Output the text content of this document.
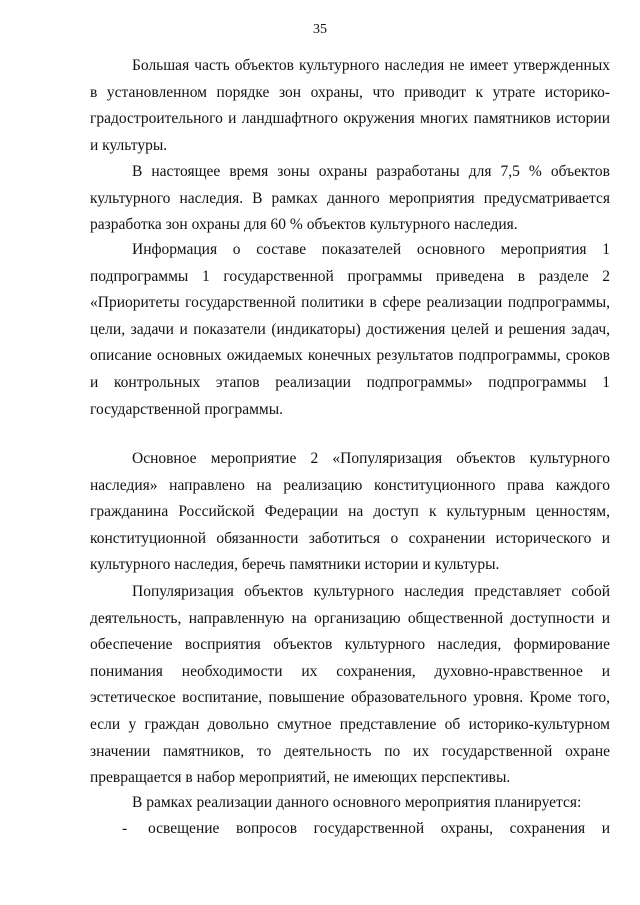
35

Большая часть объектов культурного наследия не имеет утвержденных в установленном порядке зон охраны, что приводит к утрате историко-градостроительного и ландшафтного окружения многих памятников истории и культуры.

В настоящее время зоны охраны разработаны для 7,5 % объектов культурного наследия. В рамках данного мероприятия предусматривается разработка зон охраны для 60 % объектов культурного наследия.

Информация о составе показателей основного мероприятия 1 подпрограммы 1 государственной программы приведена в разделе 2 «Приоритеты государственной политики в сфере реализации подпрограммы, цели, задачи и показатели (индикаторы) достижения целей и решения задач, описание основных ожидаемых конечных результатов подпрограммы, сроков и контрольных этапов реализации подпрограммы» подпрограммы 1 государственной программы.

Основное мероприятие 2 «Популяризация объектов культурного наследия» направлено на реализацию конституционного права каждого гражданина Российской Федерации на доступ к культурным ценностям, конституционной обязанности заботиться о сохранении исторического и культурного наследия, беречь памятники истории и культуры.

Популяризация объектов культурного наследия представляет собой деятельность, направленную на организацию общественной доступности и обеспечение восприятия объектов культурного наследия, формирование понимания необходимости их сохранения, духовно-нравственное и эстетическое воспитание, повышение образовательного уровня. Кроме того, если у граждан довольно смутное представление об историко-культурном значении памятников, то деятельность по их государственной охране превращается в набор мероприятий, не имеющих перспективы.

В рамках реализации данного основного мероприятия планируется:

- освещение вопросов государственной охраны, сохранения и
